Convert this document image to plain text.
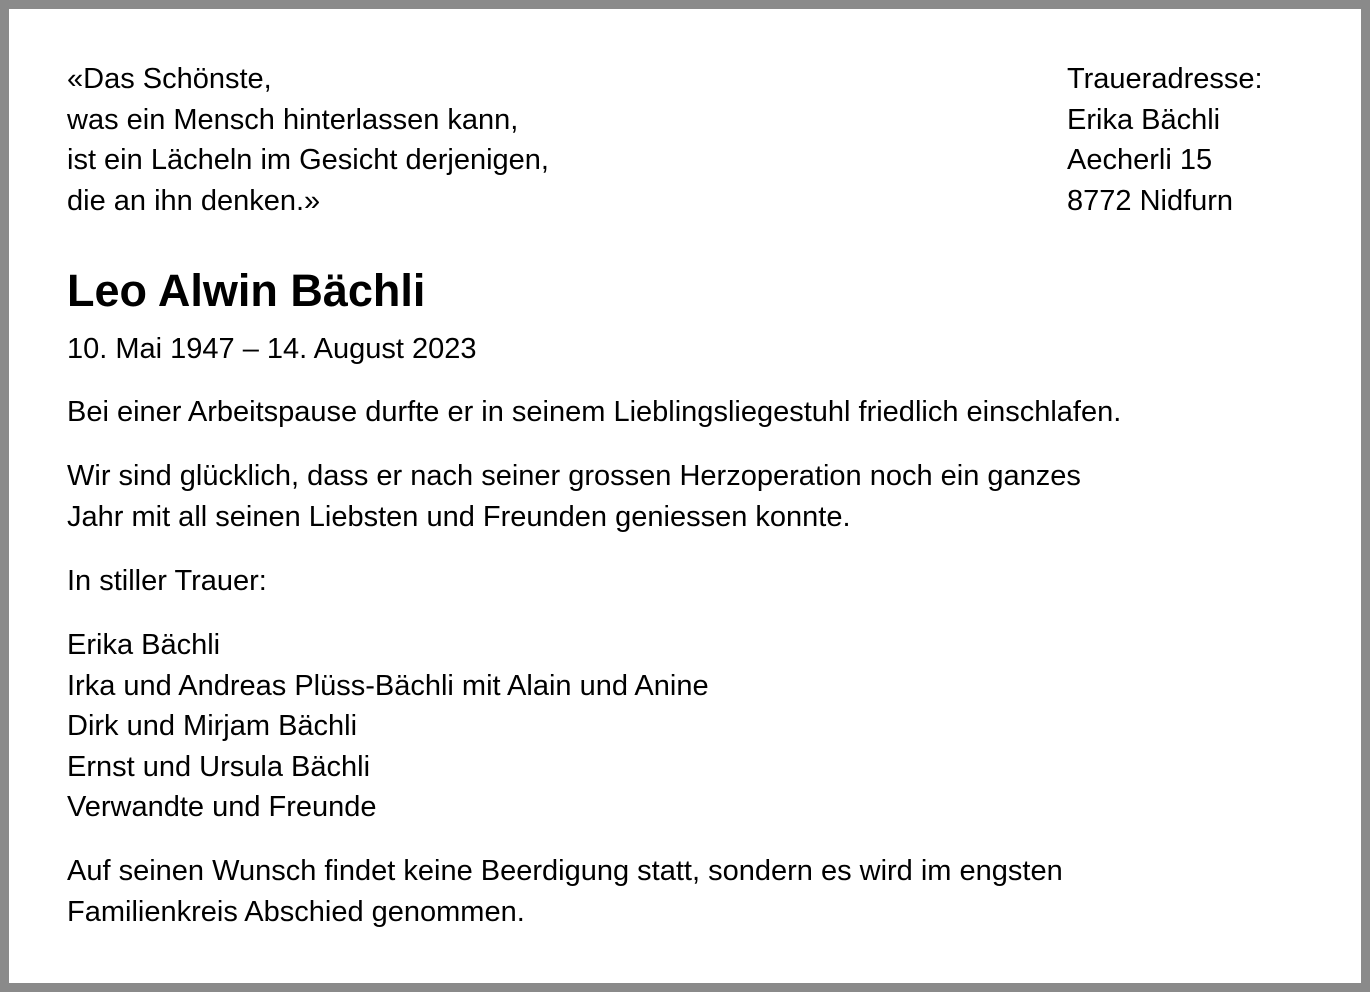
«Das Schönste,
was ein Mensch hinterlassen kann,
ist ein Lächeln im Gesicht derjenigen,
die an ihn denken.»
Traueradresse:
Erika Bächli
Aecherli 15
8772 Nidfurn
Leo Alwin Bächli
10. Mai 1947 – 14. August 2023
Bei einer Arbeitspause durfte er in seinem Lieblingsliegestuhl friedlich einschlafen.
Wir sind glücklich, dass er nach seiner grossen Herzoperation noch ein ganzes
Jahr mit all seinen Liebsten und Freunden geniessen konnte.
In stiller Trauer:
Erika Bächli
Irka und Andreas Plüss-Bächli mit Alain und Anine
Dirk und Mirjam Bächli
Ernst und Ursula Bächli
Verwandte und Freunde
Auf seinen Wunsch findet keine Beerdigung statt, sondern es wird im engsten
Familienkreis Abschied genommen.
